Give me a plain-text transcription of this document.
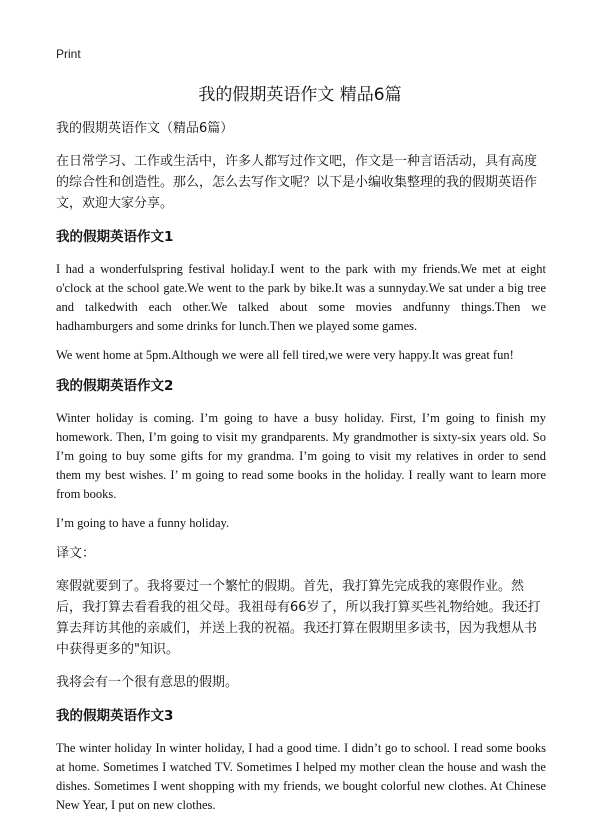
Print
我的假期英语作文 精品6篇

我的假期英语作文（精品6篇）

在日常学习、工作或生活中，许多人都写过作文吧，作文是一种言语活动，具有高度的综合性和创造性。那么，怎么去写作文呢？以下是小编收集整理的我的假期英语作文，欢迎大家分享。

我的假期英语作文1

I had a wonderfulspring festival holiday.I went to the park with my friends.We met at eight o'clock at the school gate.We went to the park by bike.It was a sunnyday.We sat under a big tree and talkedwith each other.We talked about some movies andfunny things.Then we hadhamburgers and some drinks for lunch.Then we played some games.

We went home at 5pm.Although we were all fell tired,we were very happy.It was great fun!

我的假期英语作文2

Winter holiday is coming. I’m going to have a busy holiday. First, I’m going to finish my homework. Then, I’m going to visit my grandparents. My grandmother is sixty-six years old. So I’m going to buy some gifts for my grandma. I’m going to visit my relatives in order to send them my best wishes. I’ m going to read some books in the holiday. I really want to learn more from books.

I’m going to have a funny holiday.

译文：

寒假就要到了。我将要过一个繁忙的假期。首先，我打算先完成我的寒假作业。然后，我打算去看看我的祖父母。我祖母有66岁了，所以我打算买些礼物给她。我还打算去拜访其他的亲戚们，并送上我的祝福。我还打算在假期里多读书，因为我想从书中获得更多的"知识。

我将会有一个很有意思的假期。

我的假期英语作文3

The winter holiday In winter holiday, I had a good time. I didn’t go to school. I read some books at home. Sometimes I watched TV. Sometimes I helped my mother clean the house and wash the dishes. Sometimes I went shopping with my friends, we bought colorful new clothes. At Chinese New Year, I put on new clothes.
